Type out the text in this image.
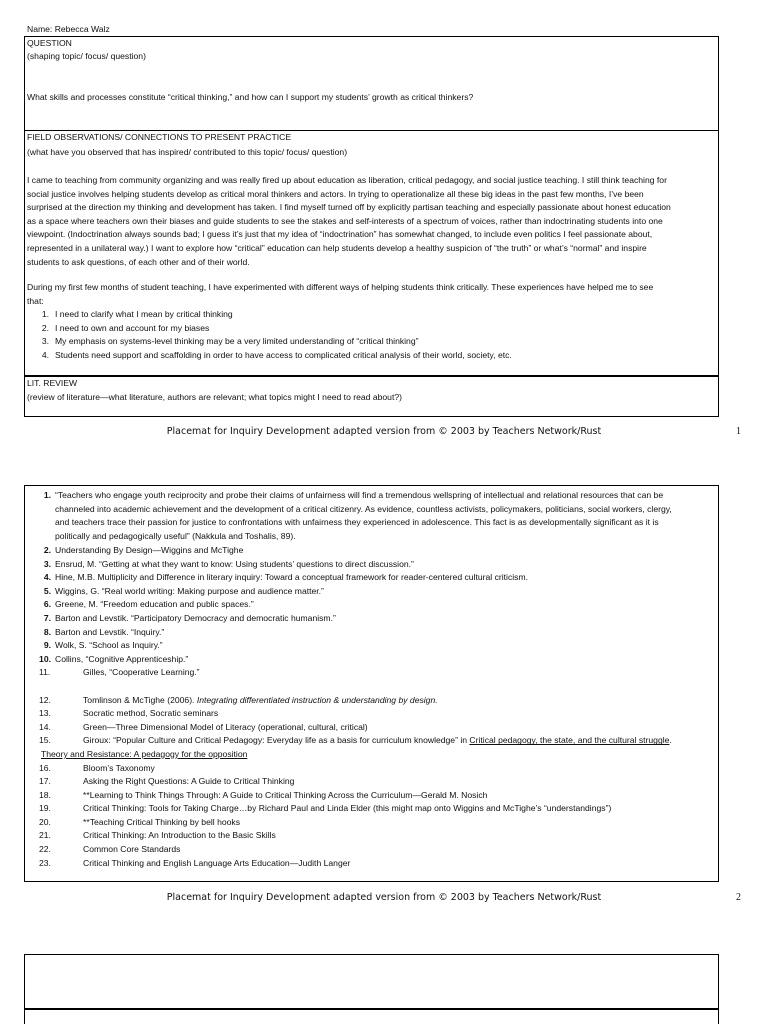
Name: Rebecca Walz

QUESTION

(shaping topic/ focus/ question)

What skills and processes constitute “critical thinking,” and how can I support my students’ growth as critical thinkers?

FIELD OBSERVATIONS/ CONNECTIONS TO PRESENT PRACTICE

(what have you observed that has inspired/ contributed to this topic/ focus/ question)

I came to teaching from community organizing and was really fired up about education as liberation, critical pedagogy, and social justice teaching. I still think teaching for

social justice involves helping students develop as critical moral thinkers and actors. In trying to operationalize all these big ideas in the past few months, I’ve been

surprised at the direction my thinking and development has taken. I find myself turned off by explicitly partisan teaching and especially passionate about honest education

as a space where teachers own their biases and guide students to see the stakes and self-interests of a spectrum of voices, rather than indoctrinating students into one

viewpoint. (Indoctrination always sounds bad; I guess it’s just that my idea of “indoctrination” has somewhat changed, to include even politics I feel passionate about,

represented in a unilateral way.) I want to explore how “critical” education can help students develop a healthy suspicion of “the truth” or what’s “normal” and inspire

students to ask questions, of each other and of their world.

During my first few months of student teaching, I have experimented with different ways of helping students think critically. These experiences have helped me to see

that:

1. I need to clarify what I mean by critical thinking

2. I need to own and account for my biases

3. My emphasis on systems-level thinking may be a very limited understanding of “critical thinking”

4. Students need support and scaffolding in order to have access to complicated critical analysis of their world, society, etc.

LIT. REVIEW

(review of literature—what literature, authors are relevant; what topics might I need to read about?)

Placemat for Inquiry Development adapted version from © 2003 by Teachers Network/Rust	1
1. “Teachers who engage youth reciprocity and probe their claims of unfairness will find a tremendous wellspring of intellectual and relational resources that can be
channeled into academic achievement and the development of a critical citizenry. As evidence, countless activists, policymakers, politicians, social workers, clergy,
and teachers trace their passion for justice to confrontations with unfairness they experienced in adolescence. This fact is as developmentally significant as it is
politically and pedagogically useful” (Nakkula and Toshalis, 89).

2. Understanding By Design—Wiggins and McTighe

3. Ensrud, M. “Getting at what they want to know: Using students’ questions to direct discussion.”

4. Hine, M.B. Multiplicity and Difference in literary inquiry: Toward a conceptual framework for reader-centered cultural criticism.

5. Wiggins, G. “Real world writing: Making purpose and audience matter.”

6. Greene, M. “Freedom education and public spaces.”

7. Barton and Levstik. “Participatory Democracy and democratic humanism.”

8. Barton and Levstik. “Inquiry.”

9. Wolk, S. “School as Inquiry.”

10. Collins, “Cognitive Apprenticeship.”

11.	Gilles, “Cooperative Learning.”

12.	Tomlinson & McTighe (2006). Integrating differentiated instruction & understanding by design.

13.	Socratic method, Socratic seminars

14.	Green—Three Dimensional Model of Literacy (operational, cultural, critical)

15.	Giroux: “Popular Culture and Critical Pedagogy: Everyday life as a basis for curriculum knowledge” in Critical pedagogy, the state, and the cultural struggle.

Theory and Resistance: A pedagogy for the opposition

16.	Bloom’s Taxonomy

17.	Asking the Right Questions: A Guide to Critical Thinking

18.	**Learning to Think Things Through: A Guide to Critical Thinking Across the Curriculum—Gerald M. Nosich

19.	Critical Thinking: Tools for Taking Charge…by Richard Paul and Linda Elder (this might map onto Wiggins and McTighe’s “understandings”)

20.	**Teaching Critical Thinking by bell hooks

21.	Critical Thinking: An Introduction to the Basic Skills

22.	Common Core Standards

23.	Critical Thinking and English Language Arts Education—Judith Langer

Placemat for Inquiry Development adapted version from © 2003 by Teachers Network/Rust	2
